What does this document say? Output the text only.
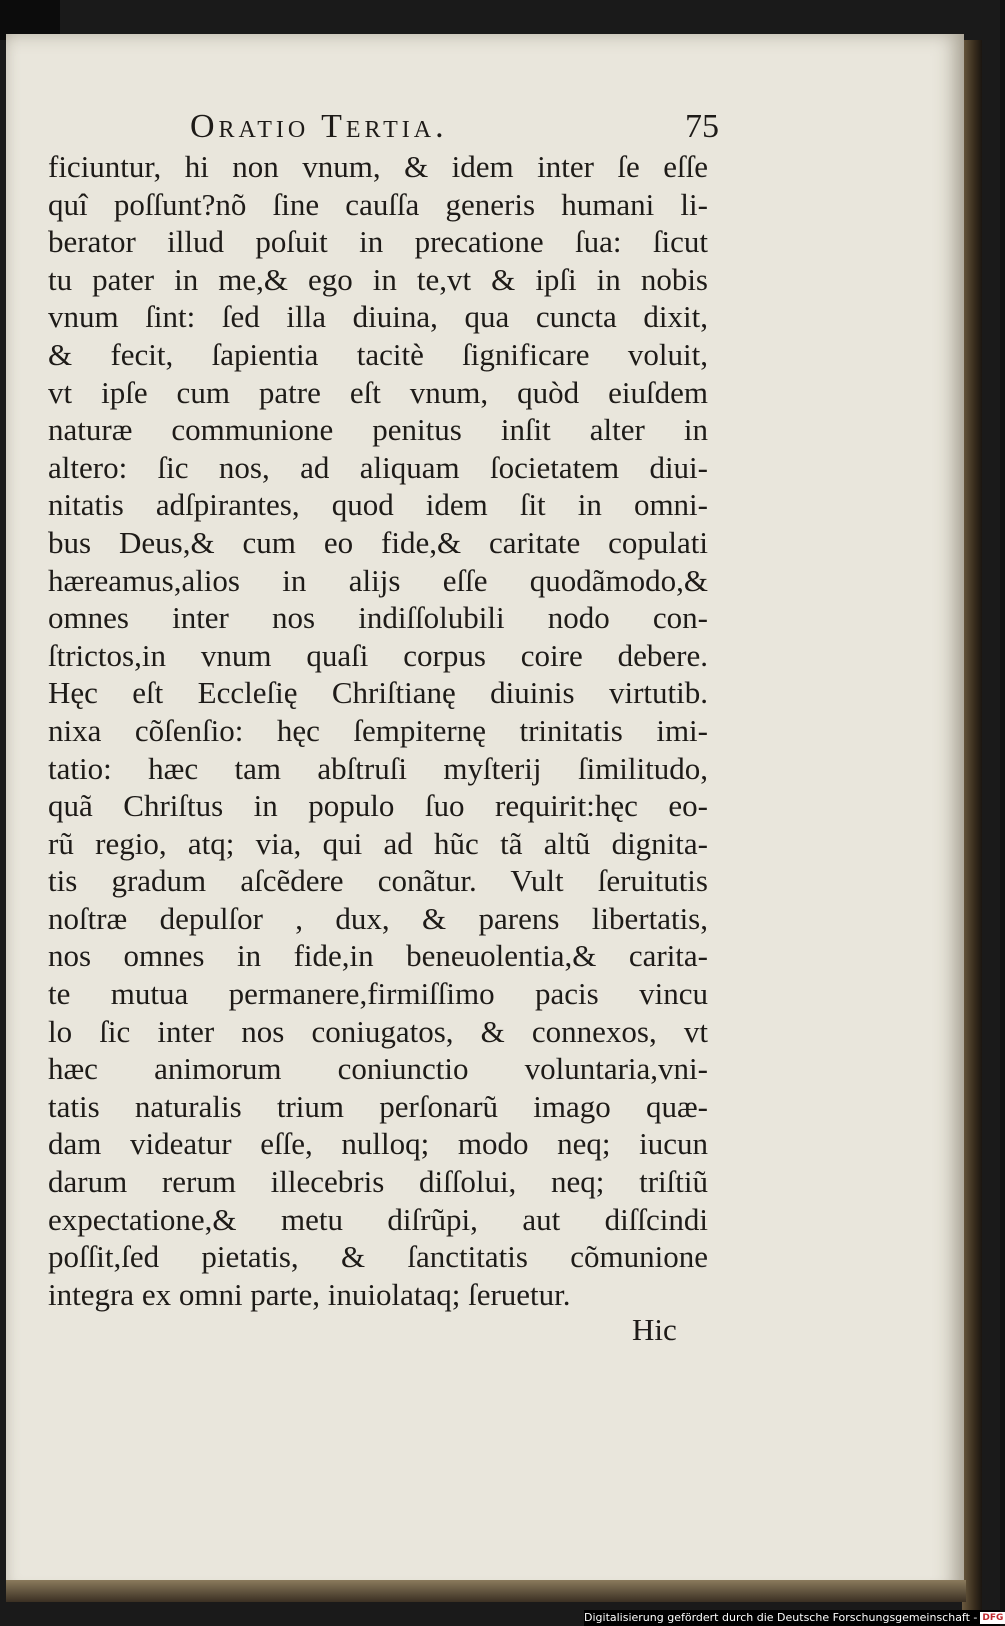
Oratio Tertia.	75
ficiuntur, hi non vnum, & idem inter ſe eſſe
quî poſſunt?nõ ſine cauſſa generis humani li-
berator illud poſuit in precatione ſua: ſicut
tu pater in me,& ego in te,vt & ipſi in nobis
vnum ſint: ſed illa diuina, qua cuncta dixit,
& fecit, ſapientia tacitè ſignificare voluit,
vt ipſe cum patre eſt vnum, quòd eiuſdem
naturæ communione penitus inſit alter in
altero: ſic nos, ad aliquam ſocietatem diui-
nitatis adſpirantes, quod idem ſit in omni-
bus Deus,& cum eo fide,& caritate copulati
hæreamus,alios in alijs eſſe quodãmodo,&
omnes inter nos indiſſolubili nodo con-
ſtrictos,in vnum quaſi corpus coire debere.
Hęc eſt Eccleſię Chriſtianę diuinis virtutib.
nixa cõſenſio: hęc ſempiternę trinitatis imi-
tatio: hæc tam abſtruſi myſterij ſimilitudo,
quã Chriſtus in populo ſuo requirit:hęc eo-
rũ regio, atq; via, qui ad hũc tã altũ dignita-
tis gradum aſcẽdere conãtur. Vult ſeruitutis
noſtræ depulſor , dux, & parens libertatis,
nos omnes in fide,in beneuolentia,& carita-
te mutua permanere,firmiſſimo pacis vincu
lo ſic inter nos coniugatos, & connexos, vt
hæc animorum coniunctio voluntaria,vni-
tatis naturalis trium perſonarũ imago quæ-
dam videatur eſſe, nulloq; modo neq; iucun
darum rerum illecebris diſſolui, neq; triſtiũ
expectatione,& metu diſrũpi, aut diſſcindi
poſſit,ſed pietatis, & ſanctitatis cõmunione
integra ex omni parte, inuiolataq; ſeruetur.
Hic
Digitalisierung gefördert durch die Deutsche Forschungsgemeinschaft - DFG
